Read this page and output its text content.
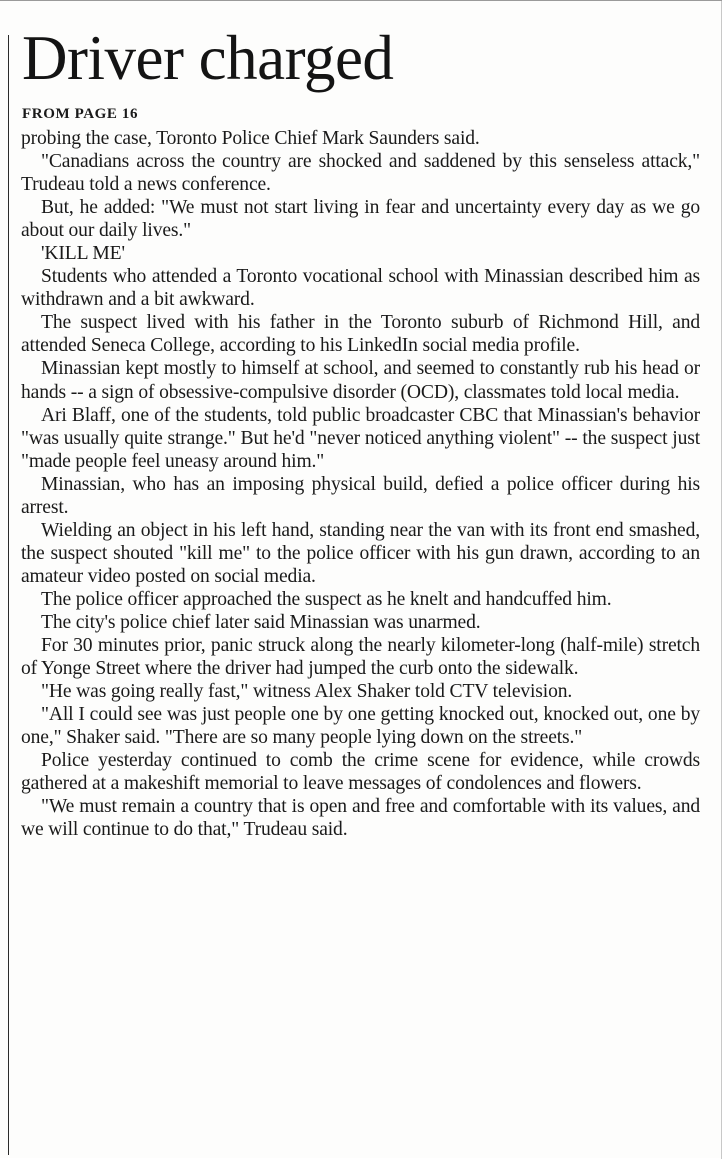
Driver charged
FROM PAGE 16

probing the case, Toronto Police Chief Mark Saunders said.

"Canadians across the country are shocked and saddened by this senseless attack," Trudeau told a news conference.

But, he added: "We must not start living in fear and uncertainty every day as we go about our daily lives."

'KILL ME'

Students who attended a Toronto vocational school with Minassian described him as withdrawn and a bit awkward.

The suspect lived with his father in the Toronto suburb of Richmond Hill, and attended Seneca College, according to his LinkedIn social media profile.

Minassian kept mostly to himself at school, and seemed to constantly rub his head or hands -- a sign of obsessive-compulsive disorder (OCD), classmates told local media.

Ari Blaff, one of the students, told public broadcaster CBC that Minassian's behavior "was usually quite strange." But he'd "never noticed anything violent" -- the suspect just "made people feel uneasy around him."

Minassian, who has an imposing physical build, defied a police officer during his arrest.

Wielding an object in his left hand, standing near the van with its front end smashed, the suspect shouted "kill me" to the police officer with his gun drawn, according to an amateur video posted on social media.

The police officer approached the suspect as he knelt and handcuffed him.

The city's police chief later said Minassian was unarmed.

For 30 minutes prior, panic struck along the nearly kilometer-long (half-mile) stretch of Yonge Street where the driver had jumped the curb onto the sidewalk.

"He was going really fast," witness Alex Shaker told CTV television.

"All I could see was just people one by one getting knocked out, knocked out, one by one," Shaker said. "There are so many people lying down on the streets."

Police yesterday continued to comb the crime scene for evidence, while crowds gathered at a makeshift memorial to leave messages of condolences and flowers.

"We must remain a country that is open and free and comfortable with its values, and we will continue to do that," Trudeau said.
